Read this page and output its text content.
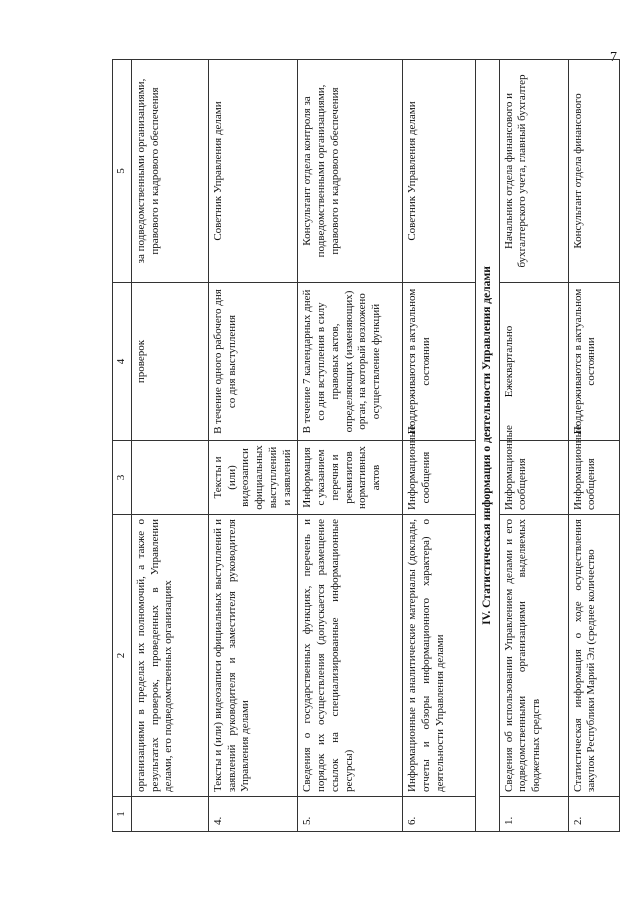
7
1	2	3	4	5
	организациями в пределах их полномочий, а также о результатах проверок, проведенных в Управлении делами, его подведомственных организациях		проверок	за подведомственными организациями, правового и кадрового обеспечения
4.	Тексты и (или) видеозаписи официальных выступлений и заявлений руководителя и заместителя руководителя Управления делами	Тексты и (или) видеозаписи официальных выступлений и заявлений	В течение одного рабочего дня со дня выступления	Советник Управления делами
5.	Сведения о государственных функциях, перечень и порядок их осуществления (допускается размещение ссылок на специализированные информационные ресурсы)	Информация с указанием перечня и реквизитов нормативных актов	В течение 7 календарных дней со дня вступления в силу правовых актов, определяющих (изменяющих) орган, на который возложено осуществление функций	Консультант отдела контроля за подведомственными организациями, правового и кадрового обеспечения
6.	Информационные и аналитические материалы (доклады, отчеты и обзоры информационного характера) о деятельности Управления делами	Информационные сообщения	Поддерживаются в актуальном состоянии	Советник Управления делами
IV. Статистическая информация о деятельности Управления делами				
1.	Сведения об использовании Управлением делами и его подведомственными организациями выделяемых бюджетных средств	Информационные сообщения	Ежеквартально	Начальник отдела финансового и бухгалтерского учета, главный бухгалтер
2.	Статистическая информация о ходе осуществления закупок Республики Марий Эл (среднее количество	Информационные сообщения	Поддерживаются в актуальном состоянии	Консультант отдела финансового
